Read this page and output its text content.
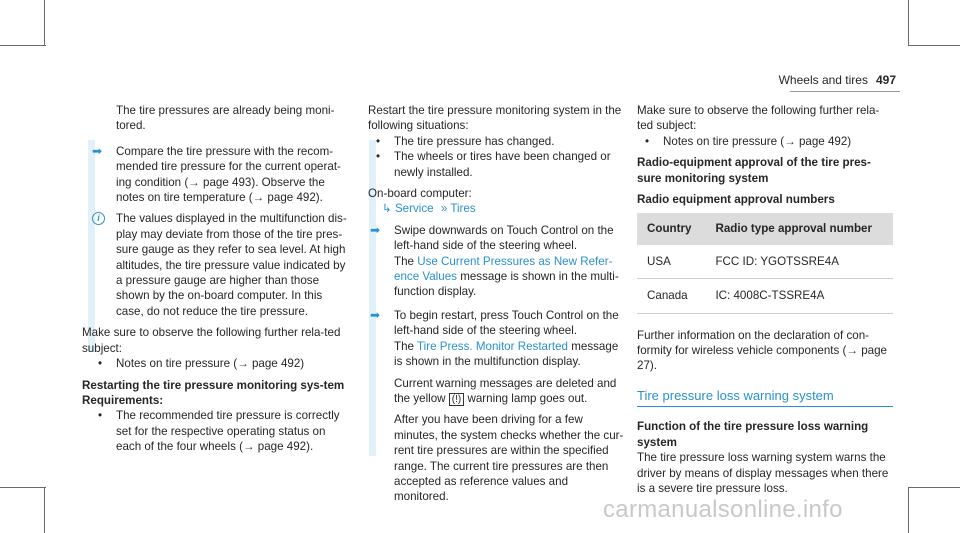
Wheels and tires 497

The tire pressures are already being moni-tored.

➡ Compare the tire pressure with the recom-mended tire pressure for the current operat-ing condition (→ page 493). Observe the notes on tire temperature (→ page 492).
i	The values displayed in the multifunction dis-play may deviate from those of the tire pres-sure gauge as they refer to sea level. At high altitudes, the tire pressure value indicated by a pressure gauge are higher than those shown by the on-board computer. In this case, do not reduce the tire pressure.

Make sure to observe the following further rela-ted subject:

• Notes on tire pressure (→ page 492)

Restarting the tire pressure monitoring sys-tem

Requirements:

• The recommended tire pressure is correctly set for the respective operating status on each of the four wheels (→ page 492).

Restart the tire pressure monitoring system in the following situations:

• The tire pressure has changed.

• The wheels or tires have been changed or newly installed.

On-board computer:

↳ Service » Tires

➡ Swipe downwards on Touch Control on the left-hand side of the steering wheel.
The Use Current Pressures as New Refer-ence Values message is shown in the multi-function display.
➡ To begin restart, press Touch Control on the left-hand side of the steering wheel.
The Tire Press. Monitor Restarted message is shown in the multifunction display.

Current warning messages are deleted and the yellow (!) warning lamp goes out.

After you have been driving for a few minutes, the system checks whether the cur-rent tire pressures are within the specified range. The current tire pressures are then accepted as reference values and monitored.

Make sure to observe the following further rela-ted subject:

• Notes on tire pressure (→ page 492)

Radio-equipment approval of the tire pres-sure monitoring system

Radio equipment approval numbers

Country	Radio type approval number
USA	FCC ID: YGOTSSRE4A
Canada	IC: 4008C-TSSRE4A

Further information on the declaration of con-formity for wireless vehicle components (→ page 27).

Tire pressure loss warning system

Function of the tire pressure loss warning system

The tire pressure loss warning system warns the driver by means of display messages when there is a severe tire pressure loss.

carmanualsonline.info
